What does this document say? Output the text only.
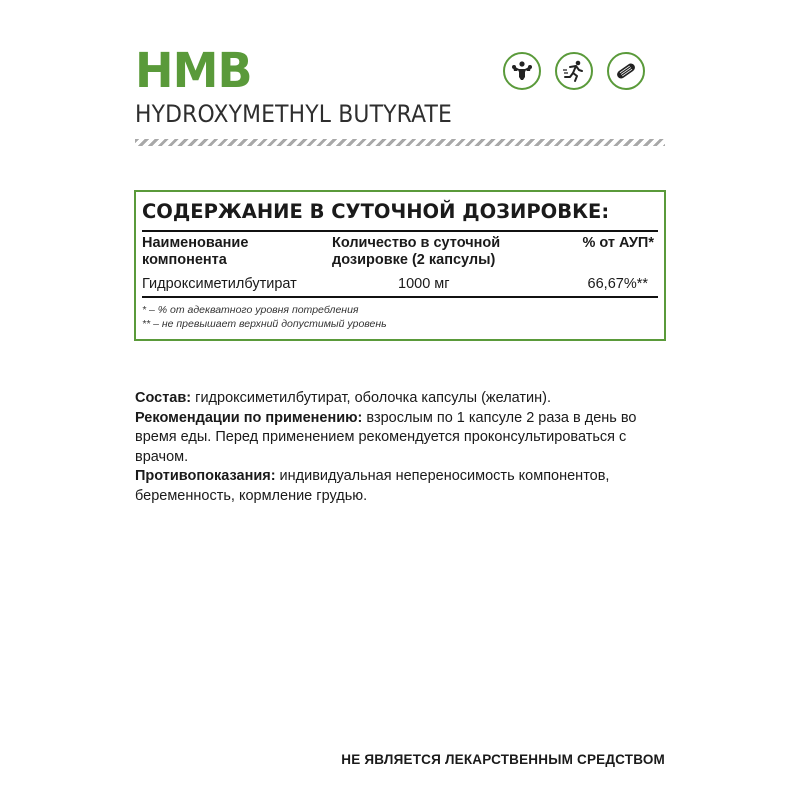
HMB
HYDROXYMETHYL BUTYRATE
СОДЕРЖАНИЕ В СУТОЧНОЙ ДОЗИРОВКЕ:
Наименование компонента
Количество в суточной дозировке (2 капсулы)
% от АУП*
Гидроксиметилбутират	1000 мг	66,67%**
* – % от адекватного уровня потребления
** – не превышает верхний допустимый уровень

Состав: гидроксиметилбутират, оболочка капсулы (желатин).

Рекомендации по применению: взрослым по 1 капсуле 2 раза в день во время еды. Перед применением рекомендуется проконсультироваться с врачом.

Противопоказания: индивидуальная непереносимость компонентов, беременность, кормление грудью.

НЕ ЯВЛЯЕТСЯ ЛЕКАРСТВЕННЫМ СРЕДСТВОМ
